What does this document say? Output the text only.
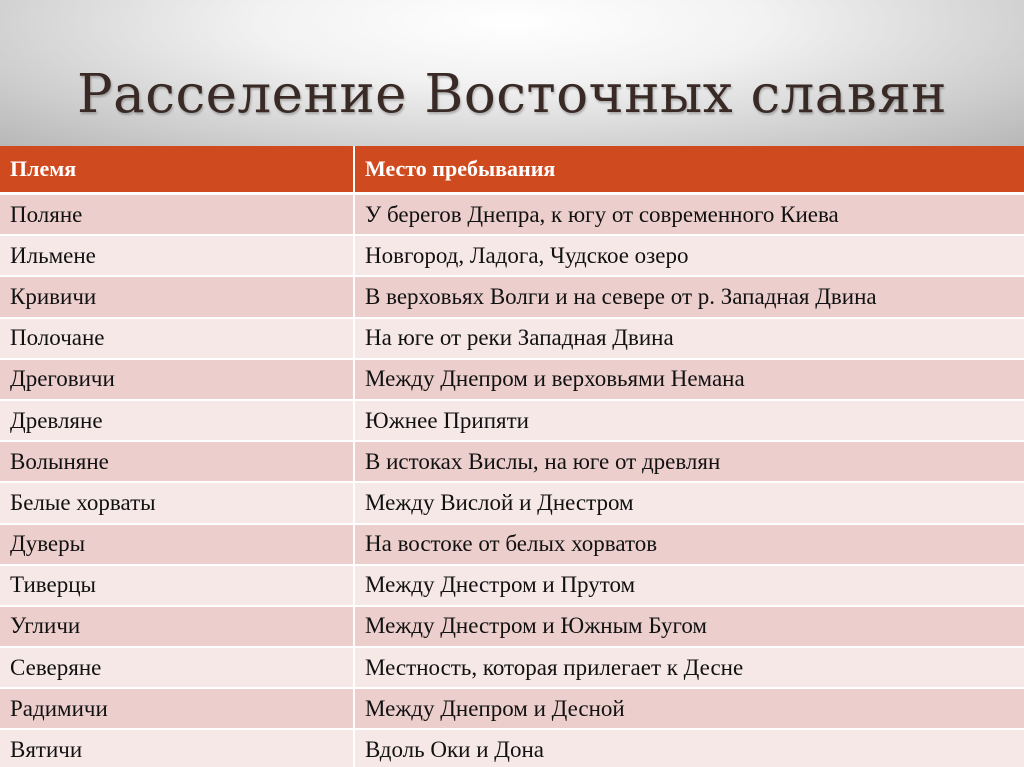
Расселение Восточных славян
Племя	Место пребывания
Поляне	У берегов Днепра, к югу от современного Киева
Ильмене	Новгород, Ладога, Чудское озеро
Кривичи	В верховьях Волги и на севере от р. Западная Двина
Полочане	На юге от реки Западная Двина
Дреговичи	Между Днепром и верховьями Немана
Древляне	Южнее Припяти
Волыняне	В истоках Вислы, на юге от древлян
Белые хорваты	Между Вислой и Днестром
Дуверы	На востоке от белых хорватов
Тиверцы	Между Днестром и Прутом
Угличи	Между Днестром и Южным Бугом
Северяне	Местность, которая прилегает к Десне
Радимичи	Между Днепром и Десной
Вятичи	Вдоль Оки и Дона
